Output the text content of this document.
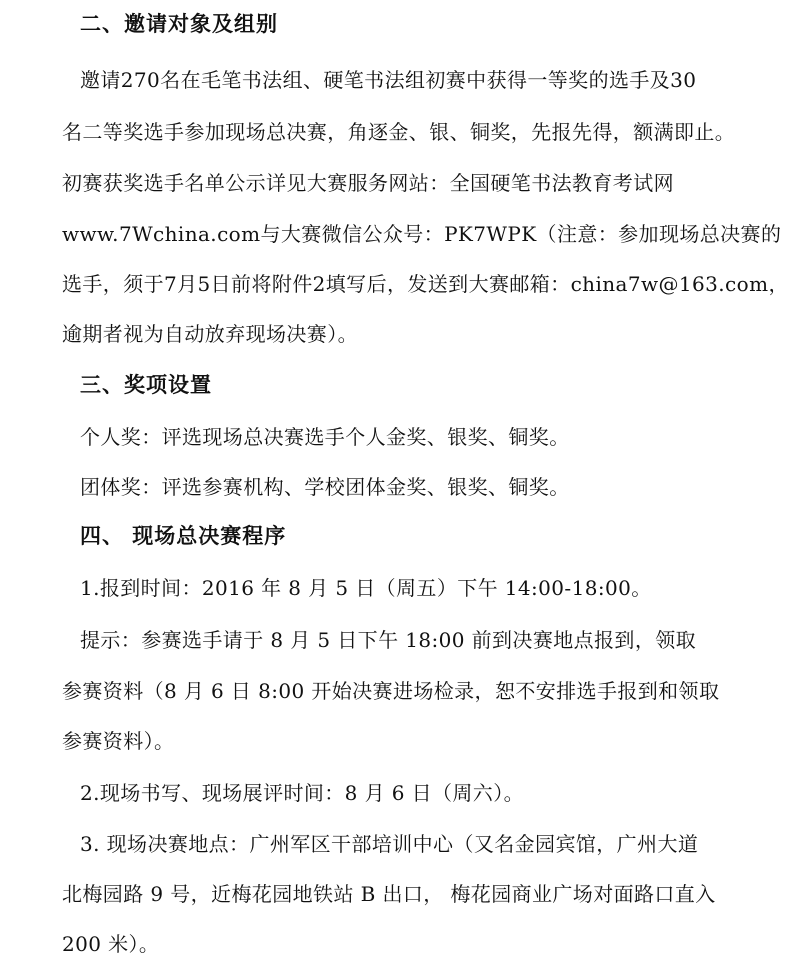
二、邀请对象及组别
邀请270名在毛笔书法组、硬笔书法组初赛中获得一等奖的选手及30
名二等奖选手参加现场总决赛，角逐金、银、铜奖，先报先得，额满即止。
初赛获奖选手名单公示详见大赛服务网站：全国硬笔书法教育考试网
www.7Wchina.com与大赛微信公众号：PK7WPK（注意：参加现场总决赛的
选手，须于7月5日前将附件2填写后，发送到大赛邮箱：china7w@163.com，
逾期者视为自动放弃现场决赛）。
三、奖项设置
个人奖：评选现场总决赛选手个人金奖、银奖、铜奖。
团体奖：评选参赛机构、学校团体金奖、银奖、铜奖。
四、 现场总决赛程序
1.报到时间：2016 年 8 月 5 日（周五）下午 14:00-18:00。
提示：参赛选手请于 8 月 5 日下午 18:00 前到决赛地点报到，领取
参赛资料（8 月 6 日 8:00 开始决赛进场检录，恕不安排选手报到和领取
参赛资料）。
2.现场书写、现场展评时间：8 月 6 日（周六）。
3. 现场决赛地点：广州军区干部培训中心（又名金园宾馆，广州大道
北梅园路 9 号，近梅花园地铁站 B 出口， 梅花园商业广场对面路口直入
200 米）。
